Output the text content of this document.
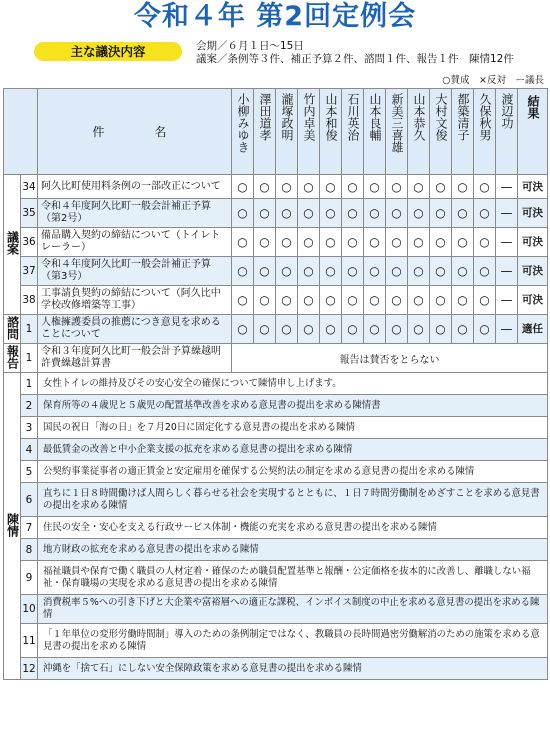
令和４年 第2回定例会
主な議決内容	会期／６月１日～15日
議案／条例等３件、補正予算２件、諮問１件、報告１件　陳情12件
○賛成　×反対　ー議長
		件名	小柳みゆき	澤田道孝	瀧塚政明	竹内卓美	山本和俊	石川英治	山本良輔	新美三喜雄	山本恭久	大村文俊	都築清子	久保秋男	渡辺功	結果
議案	34	阿久比町使用料条例の一部改正について	○	○	○	○	○	○	○	○	○	○	○	○	—	可決
	35	令和４年度阿久比町一般会計補正予算（第2号）	○	○	○	○	○	○	○	○	○	○	○	○	—	可決
	36	備品購入契約の締結について（トイレトレーラー）	○	○	○	○	○	○	○	○	○	○	○	○	—	可決
	37	令和４年度阿久比町一般会計補正予算（第3号）	○	○	○	○	○	○	○	○	○	○	○	○	—	可決
	38	工事請負契約の締結について（阿久比中学校改修増築等工事）	○	○	○	○	○	○	○	○	○	○	○	○	—	可決
諮問	1	人権擁護委員の推薦につき意見を求めることについて	○	○	○	○	○	○	○	○	○	○	○	○	—	適任
報告	1	令和３年度阿久比町一般会計予算繰越明許費繰越計算書	報告は賛否をとらない													
陳情	1	女性トイレの維持及びその安心安全の確保について陳情申し上げます。														
	2	保育所等の４歳児と５歳児の配置基準改善を求める意見書の提出を求める陳情書														
	3	国民の祝日「海の日」を７月20日に固定化する意見書の提出を求める陳情														
	4	最低賃金の改善と中小企業支援の拡充を求める意見書の提出を求める陳情														
	5	公契約事業従事者の適正賃金と安定雇用を確保する公契約法の制定を求める意見書の提出を求める陳情														
	6	直ちに１日８時間働けば人間らしく暮らせる社会を実現するとともに、１日７時間労働制をめざすことを求める意見書の提出を求める陳情														
	7	住民の安全・安心を支える行政サービス体制・機能の充実を求める意見書の提出を求める陳情														
	8	地方財政の拡充を求める意見書の提出を求める陳情														
	9	福祉職員や保育で働く職員の人材定着・確保のため職員配置基準と報酬・公定価格を抜本的に改善し、離職しない福祉・保育職場の実現を求める意見書の提出を求める陳情														
	10	消費税率５%への引き下げと大企業や富裕層への適正な課税、インボイス制度の中止を求める意見書の提出を求める陳情														
	11	「１年単位の変形労働時間制」導入のための条例制定ではなく、教職員の長時間過密労働解消のための施策を求める意見書の提出を求める陳情														
	12	沖縄を「捨て石」にしない安全保障政策を求める意見書の提出を求める陳情														
